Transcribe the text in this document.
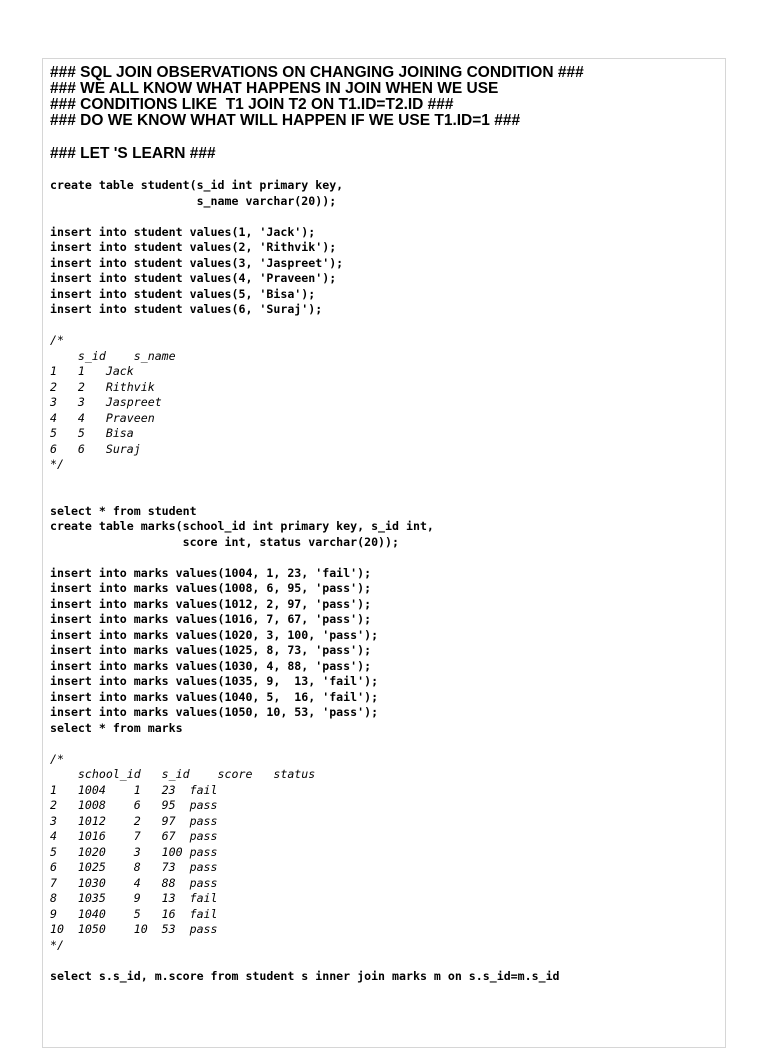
### SQL JOIN OBSERVATIONS ON CHANGING JOINING CONDITION ###
### WE ALL KNOW WHAT HAPPENS IN JOIN WHEN WE USE
### CONDITIONS LIKE  T1 JOIN T2 ON T1.ID=T2.ID ###
### DO WE KNOW WHAT WILL HAPPEN IF WE USE T1.ID=1 ###
### LET 'S LEARN ###
create table student(s_id int primary key,
s_name varchar(20));
insert into student values(1, 'Jack');
insert into student values(2, 'Rithvik');
insert into student values(3, 'Jaspreet');
insert into student values(4, 'Praveen');
insert into student values(5, 'Bisa');
insert into student values(6, 'Suraj');
/*
s_id    s_name
1   1   Jack
2   2   Rithvik
3   3   Jaspreet
4   4   Praveen
5   5   Bisa
6   6   Suraj
*/
select * from student
create table marks(school_id int primary key, s_id int,
score int, status varchar(20));
insert into marks values(1004, 1, 23, 'fail');
insert into marks values(1008, 6, 95, 'pass');
insert into marks values(1012, 2, 97, 'pass');
insert into marks values(1016, 7, 67, 'pass');
insert into marks values(1020, 3, 100, 'pass');
insert into marks values(1025, 8, 73, 'pass');
insert into marks values(1030, 4, 88, 'pass');
insert into marks values(1035, 9,  13, 'fail');
insert into marks values(1040, 5,  16, 'fail');
insert into marks values(1050, 10, 53, 'pass');
select * from marks
/*
school_id   s_id    score   status
1   1004    1   23  fail
2   1008    6   95  pass
3   1012    2   97  pass
4   1016    7   67  pass
5   1020    3   100 pass
6   1025    8   73  pass
7   1030    4   88  pass
8   1035    9   13  fail
9   1040    5   16  fail
10  1050    10  53  pass
*/
select s.s_id, m.score from student s inner join marks m on s.s_id=m.s_id
